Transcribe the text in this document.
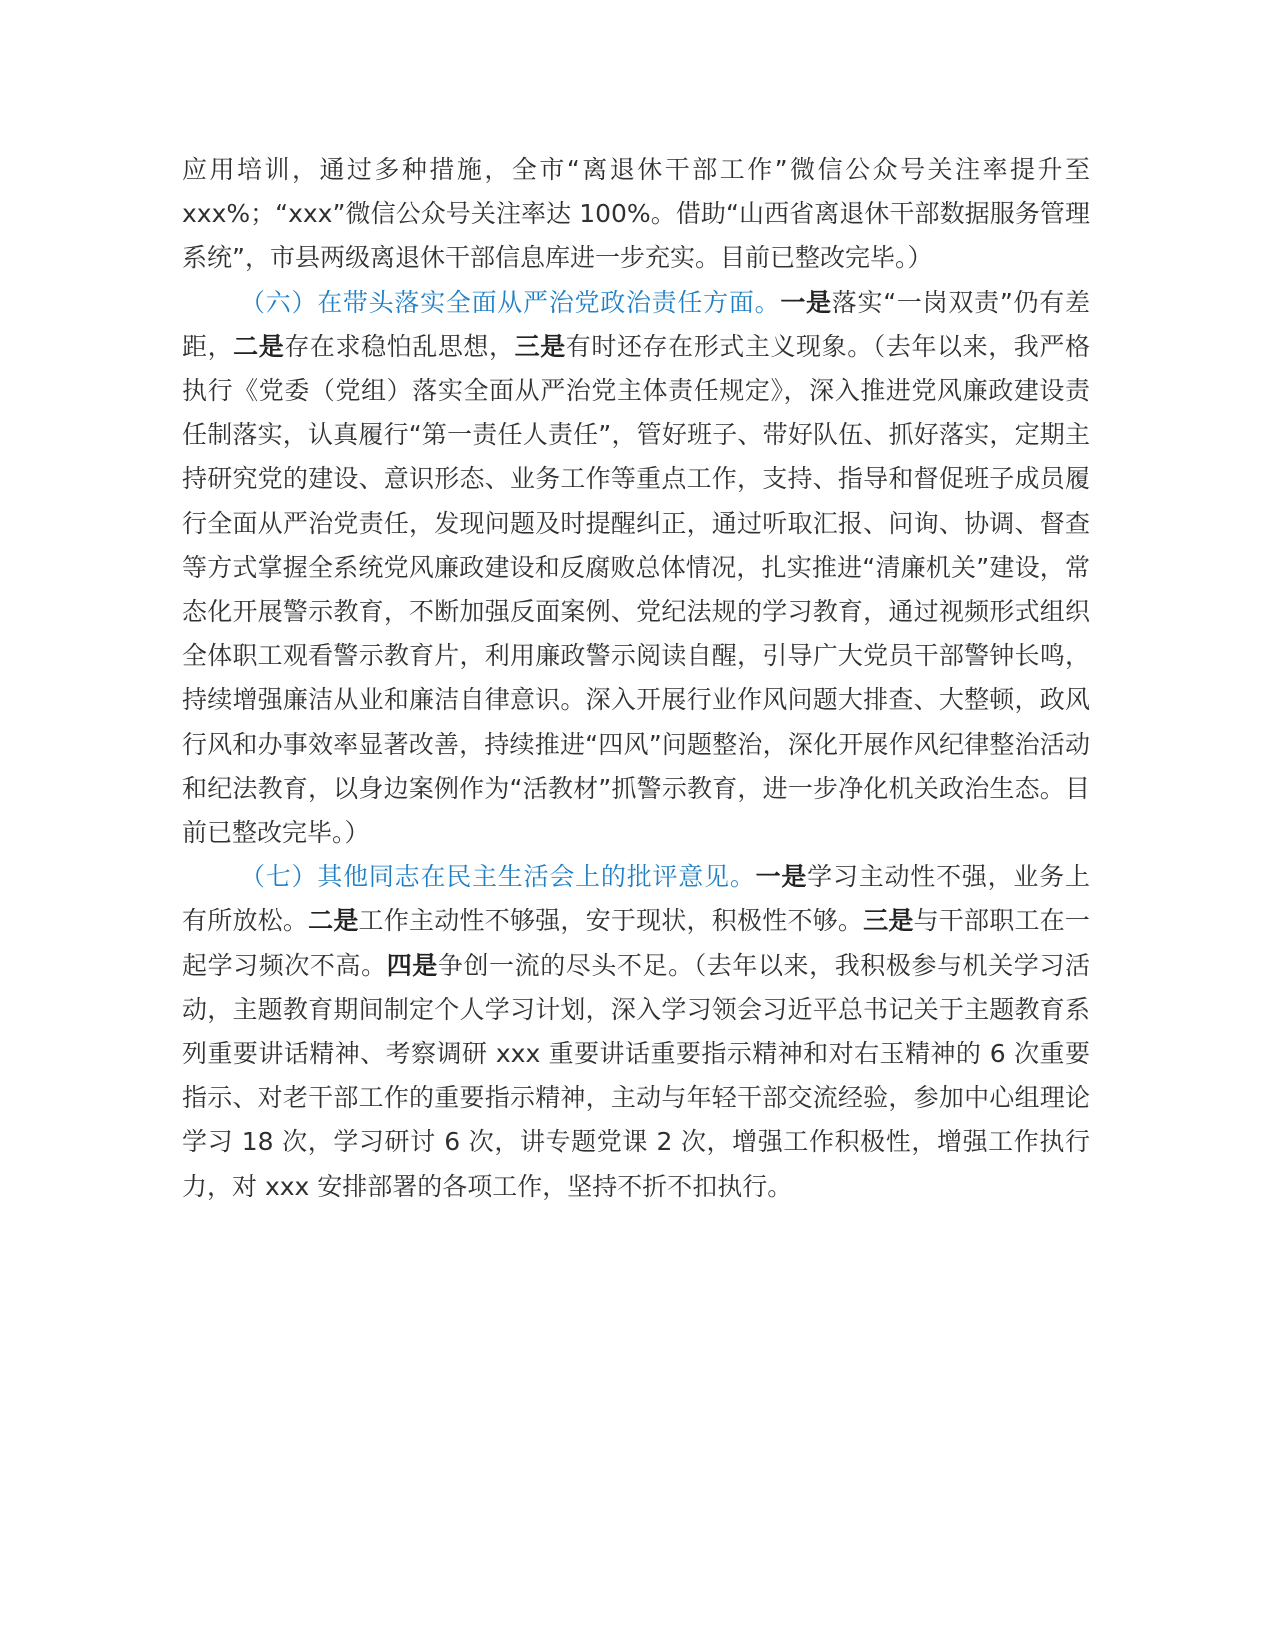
应用培训，通过多种措施，全市“离退休干部工作”微信公众号关注率提升至 xxx%；“xxx”微信公众号关注率达 100%。借助“山西省离退休干部数据服务管理系统”，市县两级离退休干部信息库进一步充实。目前已整改完毕。）

（六）在带头落实全面从严治党政治责任方面。一是落实“一岗双责”仍有差距，二是存在求稳怕乱思想，三是有时还存在形式主义现象。（去年以来，我严格执行《党委（党组）落实全面从严治党主体责任规定》，深入推进党风廉政建设责任制落实，认真履行“第一责任人责任”，管好班子、带好队伍、抓好落实，定期主持研究党的建设、意识形态、业务工作等重点工作，支持、指导和督促班子成员履行全面从严治党责任，发现问题及时提醒纠正，通过听取汇报、问询、协调、督查等方式掌握全系统党风廉政建设和反腐败总体情况，扎实推进“清廉机关”建设，常态化开展警示教育，不断加强反面案例、党纪法规的学习教育，通过视频形式组织全体职工观看警示教育片，利用廉政警示阅读自醒，引导广大党员干部警钟长鸣，持续增强廉洁从业和廉洁自律意识。深入开展行业作风问题大排查、大整顿，政风行风和办事效率显著改善，持续推进“四风”问题整治，深化开展作风纪律整治活动和纪法教育，以身边案例作为“活教材”抓警示教育，进一步净化机关政治生态。目前已整改完毕。）

（七）其他同志在民主生活会上的批评意见。一是学习主动性不强，业务上有所放松。二是工作主动性不够强，安于现状，积极性不够。三是与干部职工在一起学习频次不高。四是争创一流的尽头不足。（去年以来，我积极参与机关学习活动，主题教育期间制定个人学习计划，深入学习领会习近平总书记关于主题教育系列重要讲话精神、考察调研 xxx 重要讲话重要指示精神和对右玉精神的 6 次重要指示、对老干部工作的重要指示精神，主动与年轻干部交流经验，参加中心组理论学习 18 次，学习研讨 6 次，讲专题党课 2 次，增强工作积极性，增强工作执行力，对 xxx 安排部署的各项工作，坚持不折不扣执行。
